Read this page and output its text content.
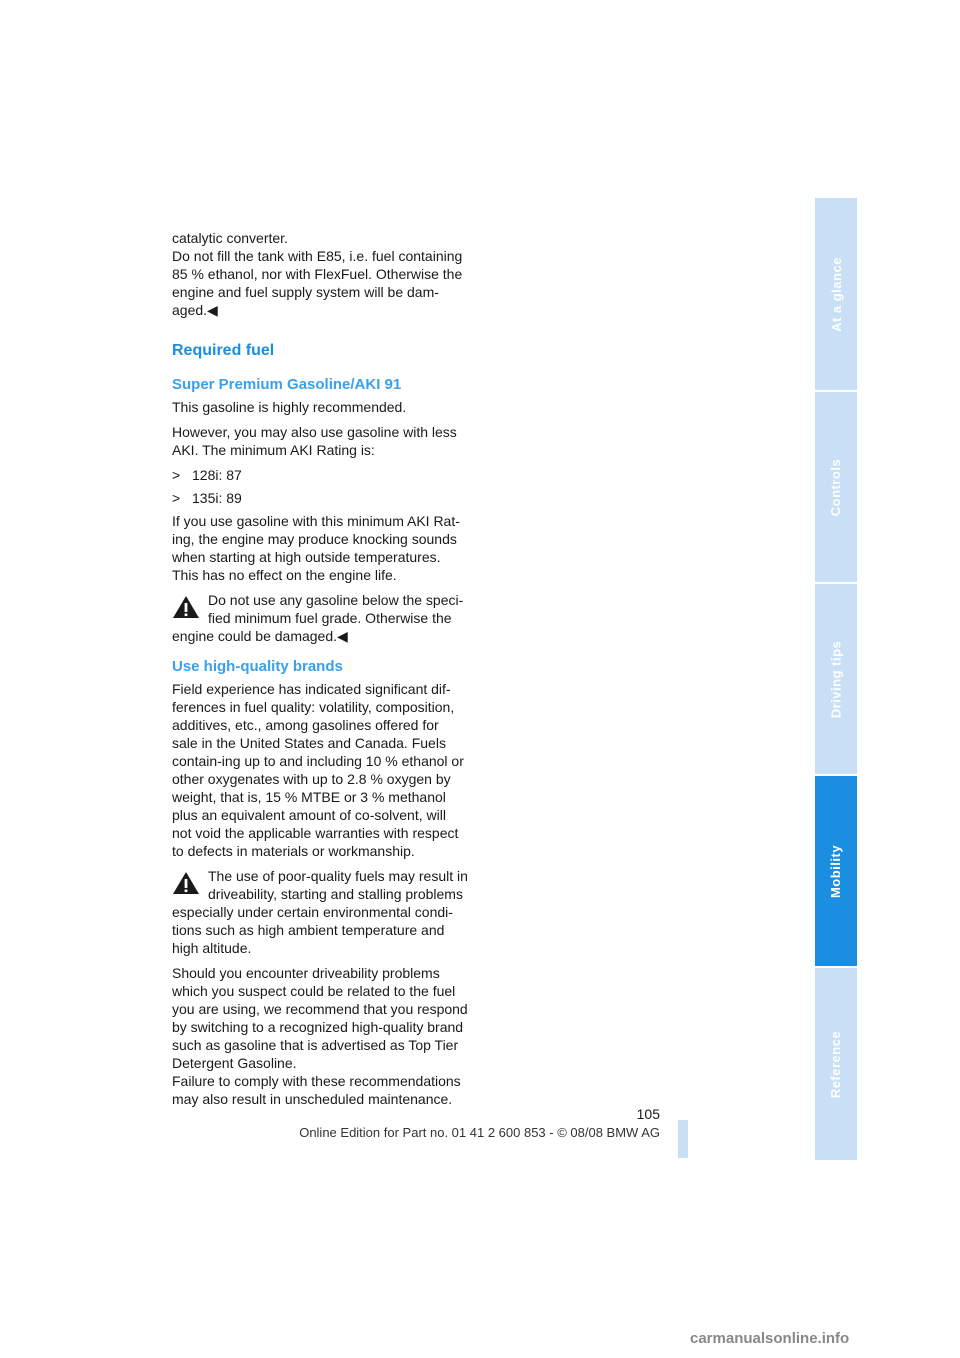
catalytic converter.

Do not fill the tank with E85, i.e. fuel containing 85 % ethanol, nor with FlexFuel. Otherwise the engine and fuel supply system will be dam-aged.◀

Required fuel
Super Premium Gasoline/AKI 91

This gasoline is highly recommended.

However, you may also use gasoline with less AKI. The minimum AKI Rating is:

> 128i: 87
> 135i: 89

If you use gasoline with this minimum AKI Rat-ing, the engine may produce knocking sounds when starting at high outside temperatures. This has no effect on the engine life.

Do not use any gasoline below the speci-fied minimum fuel grade. Otherwise the
engine could be damaged.◀
Use high-quality brands

Field experience has indicated significant dif-ferences in fuel quality: volatility, composition, additives, etc., among gasolines offered for sale in the United States and Canada. Fuels contain-ing up to and including 10 % ethanol or other oxygenates with up to 2.8 % oxygen by weight, that is, 15 % MTBE or 3 % methanol plus an equivalent amount of co-solvent, will not void the applicable warranties with respect to defects in materials or workmanship.

The use of poor-quality fuels may result in driveability, starting and stalling problems
especially under certain environmental condi-tions such as high ambient temperature and high altitude.

Should you encounter driveability problems which you suspect could be related to the fuel you are using, we recommend that you respond by switching to a recognized high-quality brand such as gasoline that is advertised as Top Tier Detergent Gasoline.

Failure to comply with these recommendations may also result in unscheduled maintenance.

At a glance
Controls
Driving tips
Mobility
Reference
105
Online Edition for Part no. 01 41 2 600 853 - © 08/08 BMW AG
carmanualsonline.info
